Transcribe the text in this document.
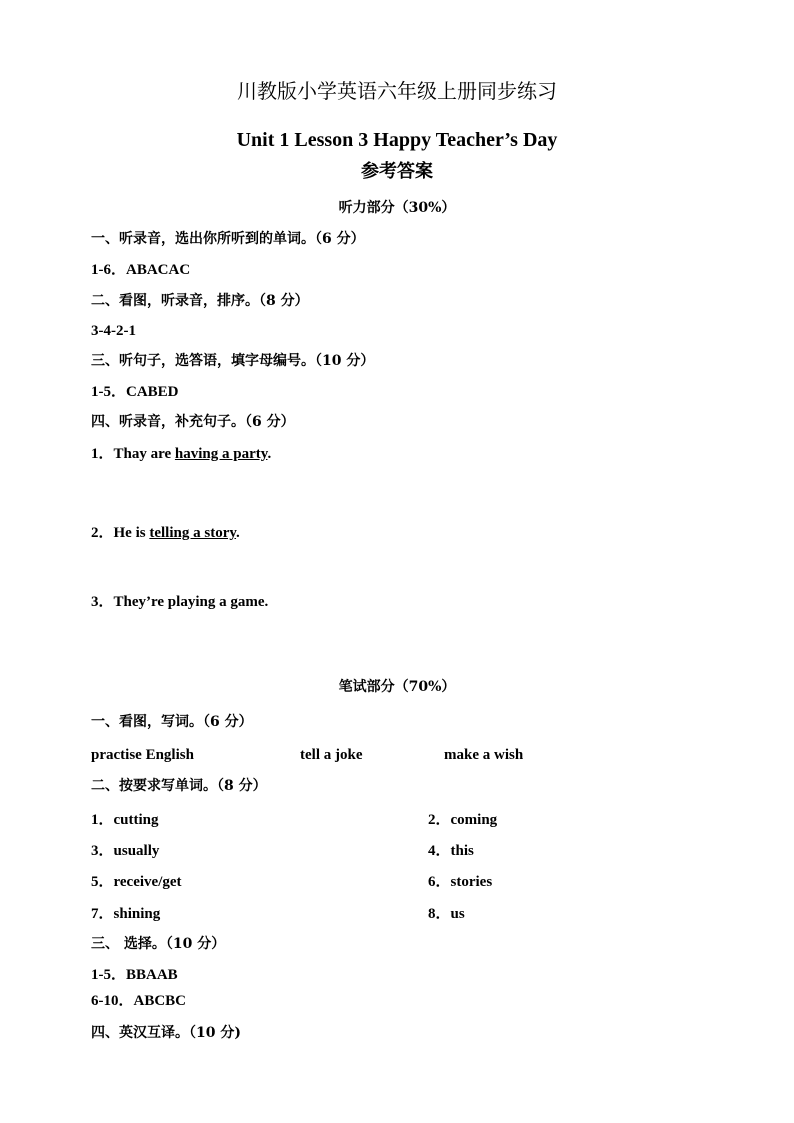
川教版小学英语六年级上册同步练习
Unit 1 Lesson 3 Happy Teacher’s Day
参考答案
听力部分（30%）
一、听录音，选出你所听到的单词。（6 分）
1-6．ABACAC
二、看图，听录音，排序。（8 分）
3-4-2-1
三、听句子，选答语，填字母编号。（10 分）
1-5．CABED
四、听录音，补充句子。（6 分）
1．Thay are having a party.
2．He is telling a story.
3．They’re playing a game.
笔试部分（70%）
一、看图，写词。（6 分）
practise English	tell a joke	make a wish
二、按要求写单词。（8 分）
1．cutting	2．coming
3．usually	4．this
5．receive/get	6．stories
7．shining	8．us
三、 选择。（10 分）
1-5．BBAAB
6-10．ABCBC
四、英汉互译。（10 分)
